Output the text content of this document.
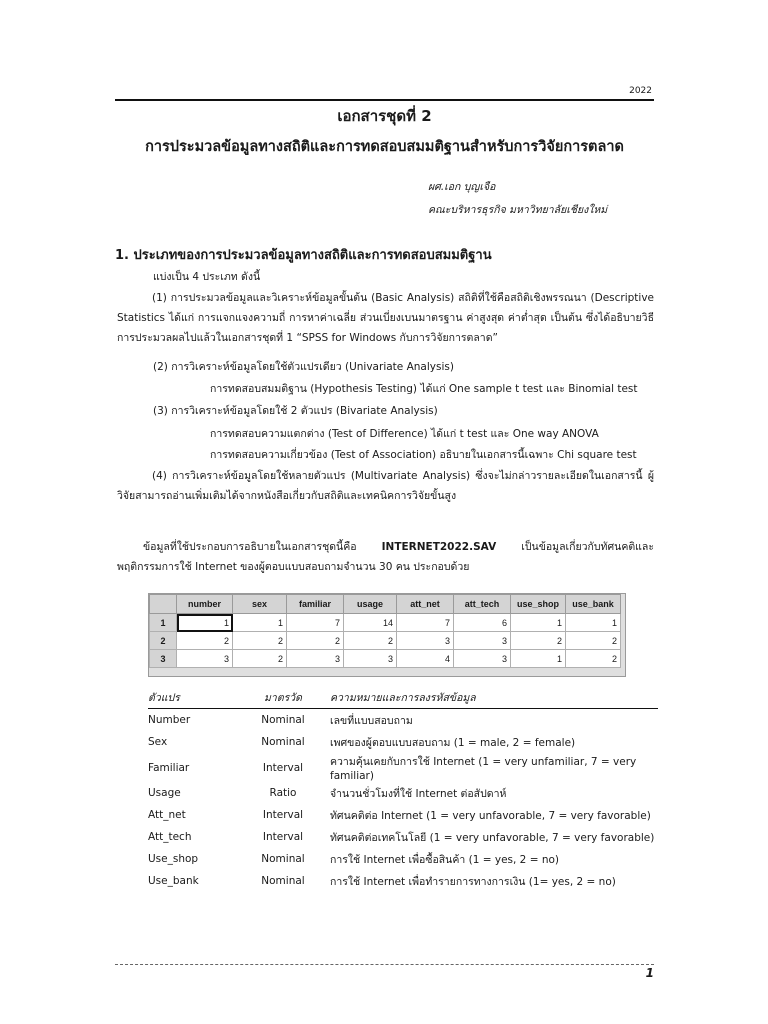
2022
เอกสารชุดที่ 2
การประมวลข้อมูลทางสถิติและการทดสอบสมมติฐานสำหรับการวิจัยการตลาด
ผศ.เอก บุญเจือ
คณะบริหารธุรกิจ มหาวิทยาลัยเชียงใหม่
1. ประเภทของการประมวลข้อมูลทางสถิติและการทดสอบสมมติฐาน
แบ่งเป็น 4 ประเภท ดังนี้
(1) การประมวลข้อมูลและวิเคราะห์ข้อมูลขั้นต้น (Basic Analysis) สถิติที่ใช้คือสถิติเชิงพรรณนา (Descriptive Statistics ได้แก่ การแจกแจงความถี่ การหาค่าเฉลี่ย ส่วนเบี่ยงเบนมาตรฐาน ค่าสูงสุด ค่าต่ำสุด เป็นต้น ซึ่งได้อธิบายวิธีการประมวลผลไปแล้วในเอกสารชุดที่ 1 “SPSS for Windows กับการวิจัยการตลาด”
(2) การวิเคราะห์ข้อมูลโดยใช้ตัวแปรเดียว (Univariate Analysis)
การทดสอบสมมติฐาน (Hypothesis Testing) ได้แก่ One sample t test และ Binomial test
(3) การวิเคราะห์ข้อมูลโดยใช้ 2 ตัวแปร (Bivariate Analysis)
การทดสอบความแตกต่าง (Test of Difference) ได้แก่ t test และ One way ANOVA
การทดสอบความเกี่ยวข้อง (Test of Association) อธิบายในเอกสารนี้เฉพาะ Chi square test
(4) การวิเคราะห์ข้อมูลโดยใช้หลายตัวแปร (Multivariate Analysis) ซึ่งจะไม่กล่าวรายละเอียดในเอกสารนี้ ผู้วิจัยสามารถอ่านเพิ่มเติมได้จากหนังสือเกี่ยวกับสถิติและเทคนิคการวิจัยขั้นสูง
ข้อมูลที่ใช้ประกอบการอธิบายในเอกสารชุดนี้คือ INTERNET2022.SAV เป็นข้อมูลเกี่ยวกับทัศนคติและพฤติกรรมการใช้ Internet ของผู้ตอบแบบสอบถามจำนวน 30 คน ประกอบด้วย
	number	sex	familiar	usage	att_net	att_tech	use_shop	use_bank
1	1	1	7	14	7	6	1	1
2	2	2	2	2	3	3	2	2
3	3	2	3	3	4	3	1	2
ตัวแปร	มาตรวัด	ความหมายและการลงรหัสข้อมูล
Number	Nominal	เลขที่แบบสอบถาม
Sex	Nominal	เพศของผู้ตอบแบบสอบถาม (1 = male, 2 = female)
Familiar	Interval	ความคุ้นเคยกับการใช้ Internet (1 = very unfamiliar, 7 = very familiar)
Usage	Ratio	จำนวนชั่วโมงที่ใช้ Internet ต่อสัปดาห์
Att_net	Interval	ทัศนคติต่อ Internet (1 = very unfavorable, 7 = very favorable)
Att_tech	Interval	ทัศนคติต่อเทคโนโลยี (1 = very unfavorable, 7 = very favorable)
Use_shop	Nominal	การใช้ Internet เพื่อซื้อสินค้า (1 = yes, 2 = no)
Use_bank	Nominal	การใช้ Internet เพื่อทำรายการทางการเงิน (1= yes, 2 = no)
1
